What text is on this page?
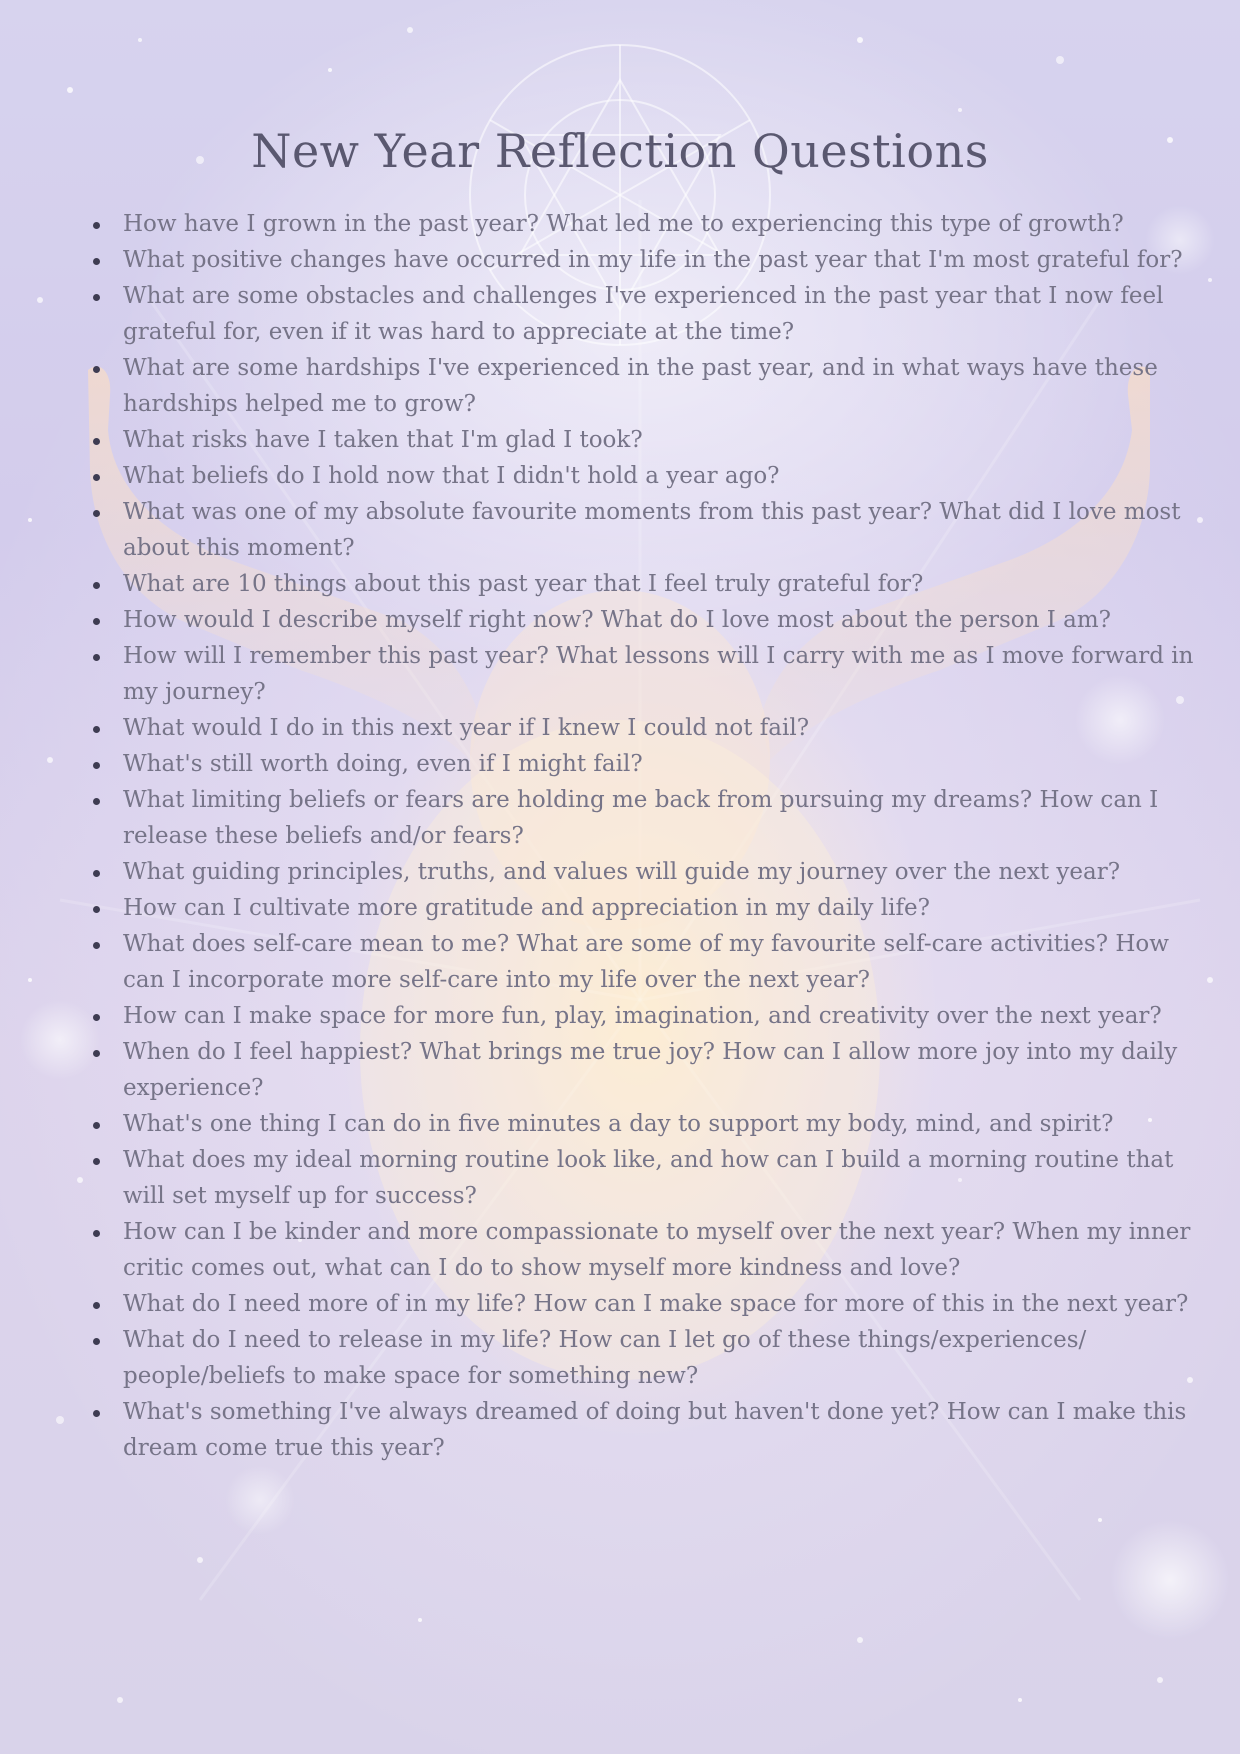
New Year Reflection Questions
How have I grown in the past year? What led me to experiencing this type of growth?
What positive changes have occurred in my life in the past year that I'm most grateful for?
What are some obstacles and challenges I've experienced in the past year that I now feel grateful for, even if it was hard to appreciate at the time?
What are some hardships I've experienced in the past year, and in what ways have these hardships helped me to grow?
What risks have I taken that I'm glad I took?
What beliefs do I hold now that I didn't hold a year ago?
What was one of my absolute favourite moments from this past year? What did I love most about this moment?
What are 10 things about this past year that I feel truly grateful for?
How would I describe myself right now? What do I love most about the person I am?
How will I remember this past year? What lessons will I carry with me as I move forward in my journey?
What would I do in this next year if I knew I could not fail?
What's still worth doing, even if I might fail?
What limiting beliefs or fears are holding me back from pursuing my dreams? How can I release these beliefs and/or fears?
What guiding principles, truths, and values will guide my journey over the next year?
How can I cultivate more gratitude and appreciation in my daily life?
What does self-care mean to me? What are some of my favourite self-care activities? How can I incorporate more self-care into my life over the next year?
How can I make space for more fun, play, imagination, and creativity over the next year?
When do I feel happiest? What brings me true joy? How can I allow more joy into my daily experience?
What's one thing I can do in five minutes a day to support my body, mind, and spirit?
What does my ideal morning routine look like, and how can I build a morning routine that will set myself up for success?
How can I be kinder and more compassionate to myself over the next year? When my inner critic comes out, what can I do to show myself more kindness and love?
What do I need more of in my life? How can I make space for more of this in the next year?
What do I need to release in my life? How can I let go of these things/experiences/ people/beliefs to make space for something new?
What's something I've always dreamed of doing but haven't done yet? How can I make this dream come true this year?
